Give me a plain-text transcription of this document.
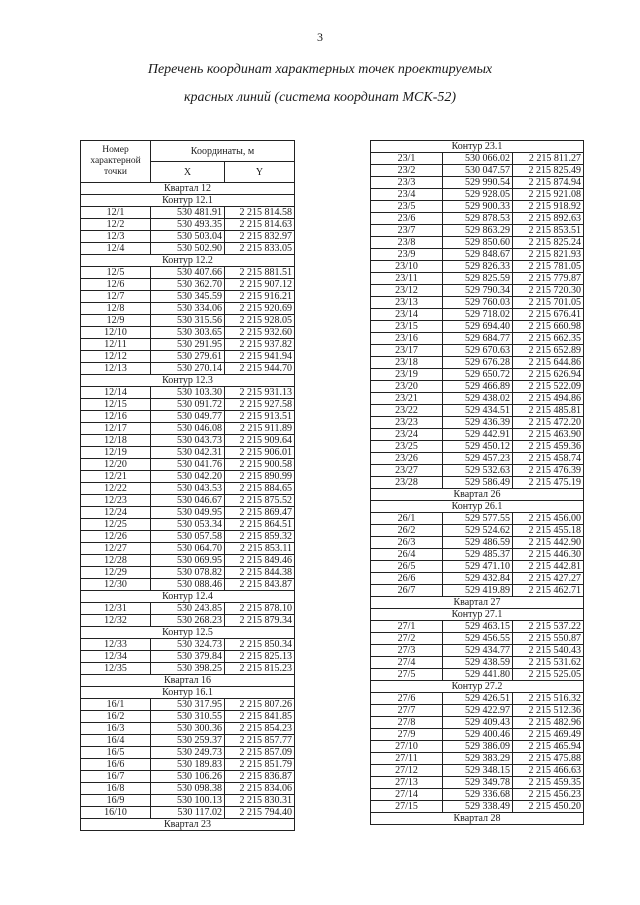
3
Перечень координат характерных точек проектируемых
красных линий (система координат МСК-52)
Номер
характерной
точки	Координаты, м	
	X	Y
Квартал 12		
Контур 12.1		
12/1	530 481.91	2 215 814.58
12/2	530 493.35	2 215 814.63
12/3	530 503.04	2 215 832.97
12/4	530 502.90	2 215 833.05
Контур 12.2		
12/5	530 407.66	2 215 881.51
12/6	530 362.70	2 215 907.12
12/7	530 345.59	2 215 916.21
12/8	530 334.06	2 215 920.69
12/9	530 315.56	2 215 928.05
12/10	530 303.65	2 215 932.60
12/11	530 291.95	2 215 937.82
12/12	530 279.61	2 215 941.94
12/13	530 270.14	2 215 944.70
Контур 12.3		
12/14	530 103.30	2 215 931.13
12/15	530 091.72	2 215 927.58
12/16	530 049.77	2 215 913.51
12/17	530 046.08	2 215 911.89
12/18	530 043.73	2 215 909.64
12/19	530 042.31	2 215 906.01
12/20	530 041.76	2 215 900.58
12/21	530 042.20	2 215 890.99
12/22	530 043.53	2 215 884.65
12/23	530 046.67	2 215 875.52
12/24	530 049.95	2 215 869.47
12/25	530 053.34	2 215 864.51
12/26	530 057.58	2 215 859.32
12/27	530 064.70	2 215 853.11
12/28	530 069.95	2 215 849.46
12/29	530 078.82	2 215 844.38
12/30	530 088.46	2 215 843.87
Контур 12.4		
12/31	530 243.85	2 215 878.10
12/32	530 268.23	2 215 879.34
Контур 12.5		
12/33	530 324.73	2 215 850.34
12/34	530 379.84	2 215 825.13
12/35	530 398.25	2 215 815.23
Квартал 16		
Контур 16.1		
16/1	530 317.95	2 215 807.26
16/2	530 310.55	2 215 841.85
16/3	530 300.36	2 215 854.23
16/4	530 259.37	2 215 857.77
16/5	530 249.73	2 215 857.09
16/6	530 189.83	2 215 851.79
16/7	530 106.26	2 215 836.87
16/8	530 098.38	2 215 834.06
16/9	530 100.13	2 215 830.31
16/10	530 117.02	2 215 794.40
Квартал 23		
Контур 23.1		
23/1	530 066.02	2 215 811.27
23/2	530 047.57	2 215 825.49
23/3	529 990.54	2 215 874.94
23/4	529 928.05	2 215 921.08
23/5	529 900.33	2 215 918.92
23/6	529 878.53	2 215 892.63
23/7	529 863.29	2 215 853.51
23/8	529 850.60	2 215 825.24
23/9	529 848.67	2 215 821.93
23/10	529 826.33	2 215 781.05
23/11	529 825.59	2 215 779.87
23/12	529 790.34	2 215 720.30
23/13	529 760.03	2 215 701.05
23/14	529 718.02	2 215 676.41
23/15	529 694.40	2 215 660.98
23/16	529 684.77	2 215 662.35
23/17	529 670.63	2 215 652.89
23/18	529 676.28	2 215 644.86
23/19	529 650.72	2 215 626.94
23/20	529 466.89	2 215 522.09
23/21	529 438.02	2 215 494.86
23/22	529 434.51	2 215 485.81
23/23	529 436.39	2 215 472.20
23/24	529 442.91	2 215 463.90
23/25	529 450.12	2 215 459.36
23/26	529 457.23	2 215 458.74
23/27	529 532.63	2 215 476.39
23/28	529 586.49	2 215 475.19
Квартал 26		
Контур 26.1		
26/1	529 577.55	2 215 456.00
26/2	529 524.62	2 215 455.18
26/3	529 486.59	2 215 442.90
26/4	529 485.37	2 215 446.30
26/5	529 471.10	2 215 442.81
26/6	529 432.84	2 215 427.27
26/7	529 419.89	2 215 462.71
Квартал 27		
Контур 27.1		
27/1	529 463.15	2 215 537.22
27/2	529 456.55	2 215 550.87
27/3	529 434.77	2 215 540.43
27/4	529 438.59	2 215 531.62
27/5	529 441.80	2 215 525.05
Контур 27.2		
27/6	529 426.51	2 215 516.32
27/7	529 422.97	2 215 512.36
27/8	529 409.43	2 215 482.96
27/9	529 400.46	2 215 469.49
27/10	529 386.09	2 215 465.94
27/11	529 383.29	2 215 475.88
27/12	529 348.15	2 215 466.63
27/13	529 349.78	2 215 459.35
27/14	529 336.68	2 215 456.23
27/15	529 338.49	2 215 450.20
Квартал 28		
